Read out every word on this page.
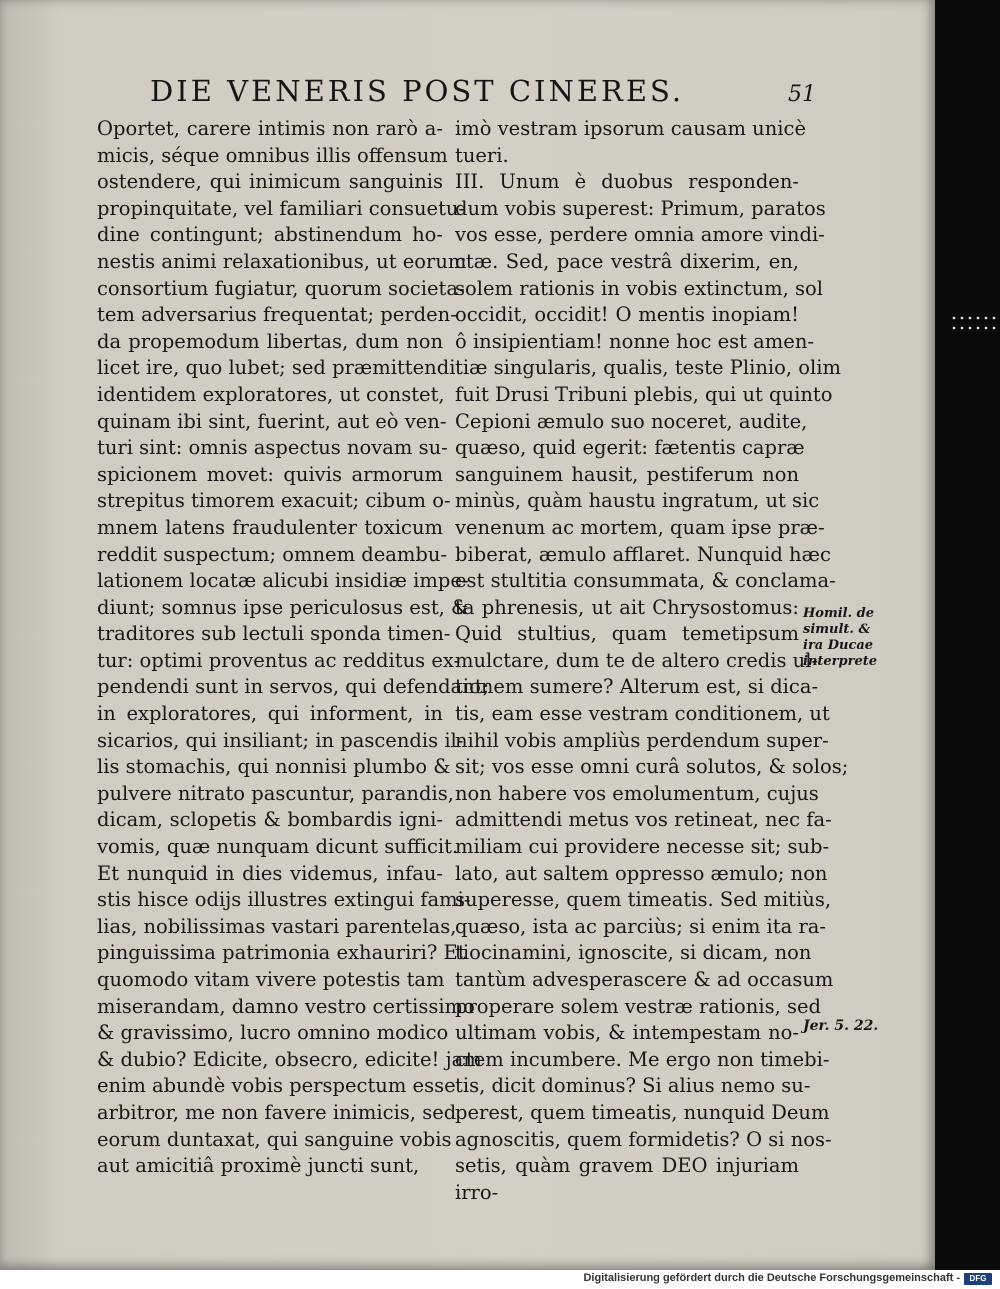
DIE VENERIS POST CINERES.	51
Oportet, carere intimis non rarò a-
micis, séque omnibus illis offensum
ostendere, qui inimicum sanguinis
propinquitate, vel familiari consuetu-
dine contingunt; abstinendum ho-
nestis animi relaxationibus, ut eorum
consortium fugiatur, quorum societa-
tem adversarius frequentat; perden-
da propemodum libertas, dum non
licet ire, quo lubet; sed præmittendi
identidem exploratores, ut constet,
quinam ibi sint, fuerint, aut eò ven-
turi sint: omnis aspectus novam su-
spicionem movet: quivis armorum
strepitus timorem exacuit; cibum o-
mnem latens fraudulenter toxicum
reddit suspectum; omnem deambu-
lationem locatæ alicubi insidiæ impe-
diunt; somnus ipse periculosus est, &
traditores sub lectuli sponda timen-
tur: optimi proventus ac redditus ex-
pendendi sunt in servos, qui defendant;
in exploratores, qui informent, in
sicarios, qui insiliant; in pascendis il-
lis stomachis, qui nonnisi plumbo &
pulvere nitrato pascuntur, parandis,
dicam, sclopetis & bombardis igni-
vomis, quæ nunquam dicunt sufficit.
Et nunquid in dies videmus, infau-
stis hisce odijs illustres extingui fami-
lias, nobilissimas vastari parentelas,
pinguissima patrimonia exhauriri? Et
quomodo vitam vivere potestis tam
miserandam, damno vestro certissimo
& gravissimo, lucro omnino modico
& dubio? Edicite, obsecro, edicite! jam
enim abundè vobis perspectum esse
arbitror, me non favere inimicis, sed
eorum duntaxat, qui sanguine vobis
aut amicitiâ proximè juncti sunt,
imò vestram ipsorum causam unicè
tueri.
III. Unum è duobus responden-
dum vobis superest: Primum, paratos
vos esse, perdere omnia amore vindi-
ctæ. Sed, pace vestrâ dixerim, en,
solem rationis in vobis extinctum, sol
occidit, occidit! O mentis inopiam!
ô insipientiam! nonne hoc est amen-
tiæ singularis, qualis, teste Plinio, olim
fuit Drusi Tribuni plebis, qui ut quinto
Cepioni æmulo suo noceret, audite,
quæso, quid egerit: fætentis capræ
sanguinem hausit, pestiferum non
minùs, quàm haustu ingratum, ut sic
venenum ac mortem, quam ipse præ-
biberat, æmulo afflaret. Nunquid hæc
est stultitia consummata, & conclama-
ta phrenesis, ut ait Chrysostomus:
Quid stultius, quam temetipsum
mulctare, dum te de altero credis ul-
tionem sumere? Alterum est, si dica-
tis, eam esse vestram conditionem, ut
nihil vobis ampliùs perdendum super-
sit; vos esse omni curâ solutos, & solos;
non habere vos emolumentum, cujus
admittendi metus vos retineat, nec fa-
miliam cui providere necesse sit; sub-
lato, aut saltem oppresso æmulo; non
superesse, quem timeatis. Sed mitiùs,
quæso, ista ac parciùs; si enim ita ra-
tiocinamini, ignoscite, si dicam, non
tantùm advesperascere & ad occasum
properare solem vestræ rationis, sed
ultimam vobis, & intempestam no-
ctem incumbere. Me ergo non timebi-
tis, dicit dominus? Si alius nemo su-
perest, quem timeatis, nunquid Deum
agnoscitis, quem formidetis? O si nos-
setis, quàm gravem DEO injuriam
irro-
Homil. de
simult. &
ira Ducae
interprete
Jer. 5. 22.
Digitalisierung gefördert durch die Deutsche Forschungsgemeinschaft -	DFG
